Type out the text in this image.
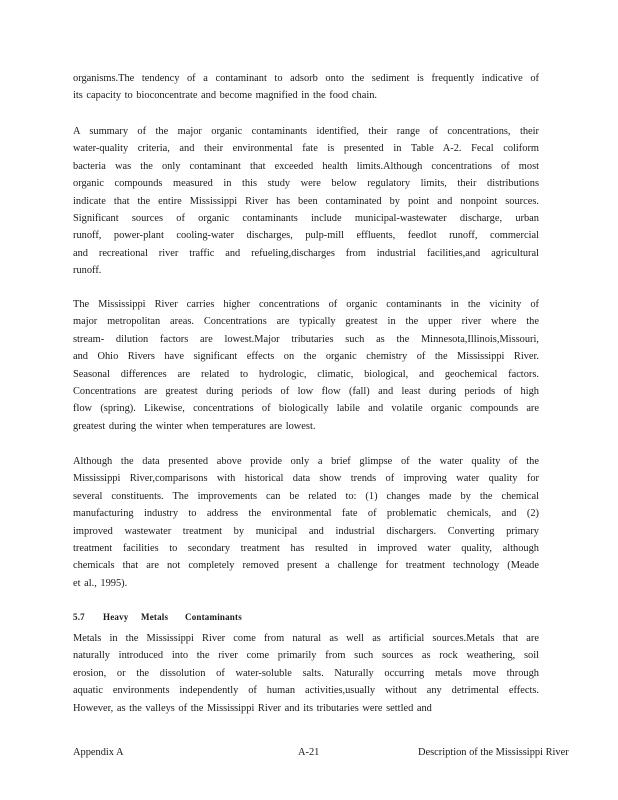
organisms.The tendency of a contaminant to adsorb onto the sediment is frequently indicative of
its capacity to bioconcentrate and become magnified in the food chain.

A summary of the major organic contaminants identified, their range of concentrations, their
water-quality criteria, and their environmental fate is presented in Table A-2. Fecal coliform
bacteria was the only contaminant that exceeded health limits.Although concentrations of most
organic compounds measured in this study were below regulatory limits, their distributions
indicate that the entire Mississippi River has been contaminated by point and nonpoint sources.
Significant sources of organic contaminants include municipal-wastewater discharge, urban
runoff, power-plant cooling-water discharges, pulp-mill effluents, feedlot runoff, commercial
and recreational river traffic and refueling,discharges from industrial facilities,and agricultural
runoff.

The Mississippi River carries higher concentrations of organic contaminants in the vicinity of
major metropolitan areas. Concentrations are typically greatest in the upper river where the
stream- dilution factors are lowest.Major tributaries such as the Minnesota,Illinois,Missouri,
and Ohio Rivers have significant effects on the organic chemistry of the Mississippi River.
Seasonal differences are related to hydrologic, climatic, biological, and geochemical factors.
Concentrations are greatest during periods of low flow (fall) and least during periods of high
flow (spring). Likewise, concentrations of biologically labile and volatile organic compounds are
greatest during the winter when temperatures are lowest.

Although the data presented above provide only a brief glimpse of the water quality of the
Mississippi River,comparisons with historical data show trends of improving water quality for
several constituents. The improvements can be related to: (1) changes made by the chemical
manufacturing industry to address the environmental fate of problematic chemicals, and (2)
improved wastewater treatment by municipal and industrial dischargers. Converting primary
treatment facilities to secondary treatment has resulted in improved water quality, although
chemicals that are not completely removed present a challenge for treatment technology (Meade
et al., 1995).

5.7 Heavy Metals Contaminants

Metals in the Mississippi River come from natural as well as artificial sources.Metals that are
naturally introduced into the river come primarily from such sources as rock weathering, soil
erosion, or the dissolution of water-soluble salts. Naturally occurring metals move through
aquatic environments independently of human activities,usually without any detrimental effects.
However, as the valleys of the Mississippi River and its tributaries were settled and

Appendix A	A-21	Description of the Mississippi River
